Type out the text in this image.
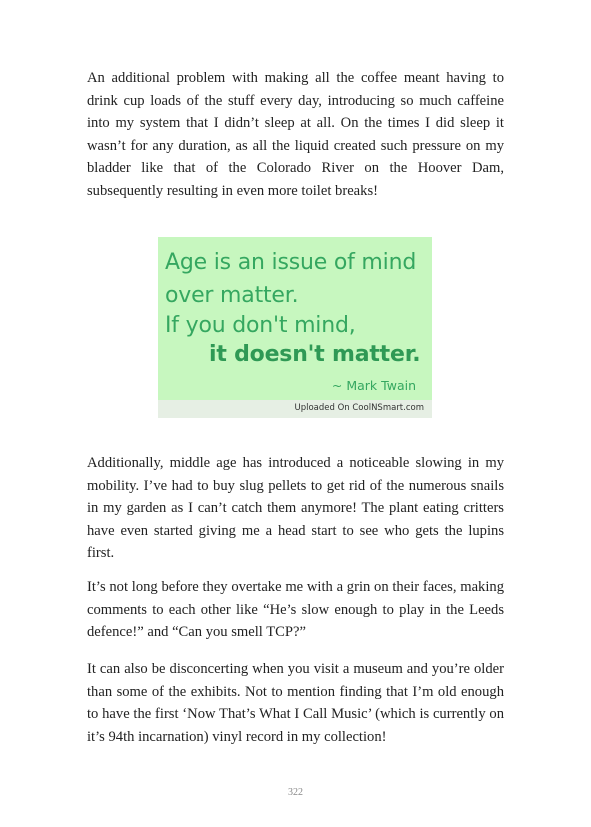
An additional problem with making all the coffee meant having to drink cup loads of the stuff every day, introducing so much caffeine into my system that I didn’t sleep at all. On the times I did sleep it wasn’t for any duration, as all the liquid created such pressure on my bladder like that of the Colorado River on the Hoover Dam, subsequently resulting in even more toilet breaks!

Age is an issue of mind
over matter.
If you don't mind,
it doesn't matter.
~ Mark Twain
Uploaded On CoolNSmart.com

Additionally, middle age has introduced a noticeable slowing in my mobility. I’ve had to buy slug pellets to get rid of the numerous snails in my garden as I can’t catch them anymore! The plant eating critters have even started giving me a head start to see who gets the lupins first.

It’s not long before they overtake me with a grin on their faces, making comments to each other like “He’s slow enough to play in the Leeds defence!” and “Can you smell TCP?”

It can also be disconcerting when you visit a museum and you’re older than some of the exhibits. Not to mention finding that I’m old enough to have the first ‘Now That’s What I Call Music’ (which is currently on it’s 94th incarnation) vinyl record in my collection!

322
